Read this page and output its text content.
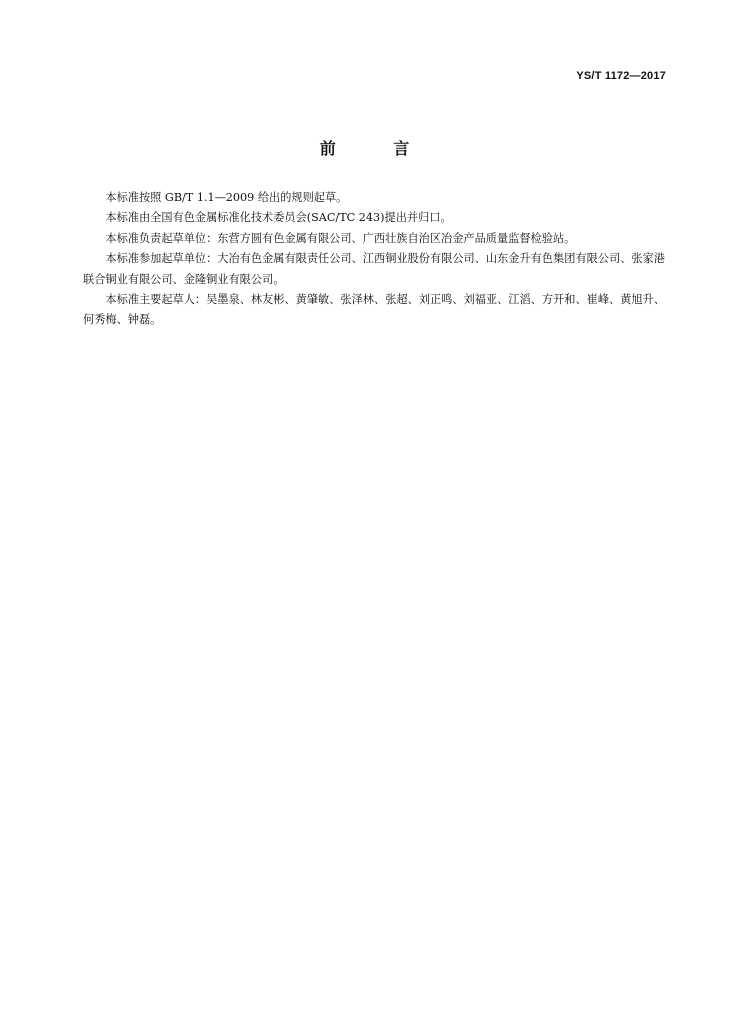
YS/T 1172—2017
前 言

本标准按照 GB/T 1.1—2009 给出的规则起草。

本标准由全国有色金属标准化技术委员会(SAC/TC 243)提出并归口。

本标准负责起草单位：东营方圆有色金属有限公司、广西壮族自治区冶金产品质量监督检验站。

本标准参加起草单位：大冶有色金属有限责任公司、江西铜业股份有限公司、山东金升有色集团有限公司、张家港联合铜业有限公司、金隆铜业有限公司。

本标准主要起草人：吴墨泉、林友彬、黄肇敏、张泽林、张超、刘正鸣、刘福亚、江滔、方开和、崔峰、黄旭升、何秀梅、钟磊。
